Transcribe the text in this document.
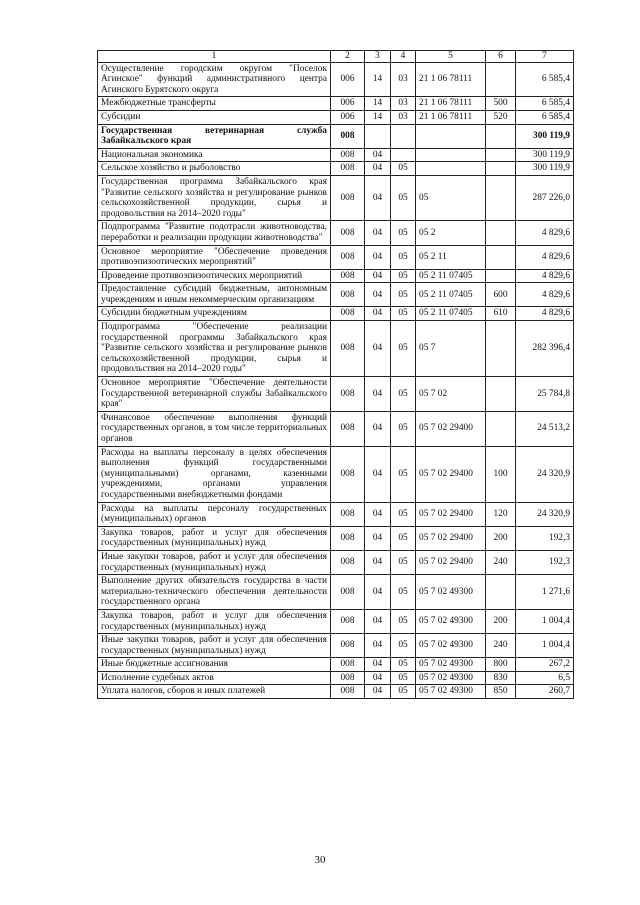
1	2	3	4	5	6	7
Осуществление городским округом "Поселок Агинское" функций административного центра Агинского Бурятского округа	006	14	03	21 1 06 78111		6 585,4
Межбюджетные трансферты	006	14	03	21 1 06 78111	500	6 585,4
Субсидии	006	14	03	21 1 06 78111	520	6 585,4
Государственная ветеринарная служба Забайкальского края	008					300 119,9
Национальная экономика	008	04				300 119,9
Сельское хозяйство и рыболовство	008	04	05			300 119,9
Государственная программа Забайкальского края "Развитие сельского хозяйства и регулирование рынков сельскохозяйственной продукции, сырья и продовольствия на 2014–2020 годы"	008	04	05	05		287 226,0
Подпрограмма "Развитие подотрасли животноводства, переработки и реализации продукции животноводства"	008	04	05	05 2		4 829,6
Основное мероприятие "Обеспечение проведения противоэпизоотических мероприятий"	008	04	05	05 2 11		4 829,6
Проведение противоэпизоотических мероприятий	008	04	05	05 2 11 07405		4 829,6
Предоставление субсидий бюджетным, автономным учреждениям и иным некоммерческим организациям	008	04	05	05 2 11 07405	600	4 829,6
Субсидии бюджетным учреждениям	008	04	05	05 2 11 07405	610	4 829,6
Подпрограмма "Обеспечение реализации государственной программы Забайкальского края "Развитие сельского хозяйства и регулирование рынков сельскохозяйственной продукции, сырья и продовольствия на 2014–2020 годы"	008	04	05	05 7		282 396,4
Основное мероприятие "Обеспечение деятельности Государственной ветеринарной службы Забайкальского края"	008	04	05	05 7 02		25 784,8
Финансовое обеспечение выполнения функций государственных органов, в том числе территориальных органов	008	04	05	05 7 02 29400		24 513,2
Расходы на выплаты персоналу в целях обеспечения выполнения функций государственными (муниципальными) органами, казенными учреждениями, органами управления государственными внебюджетными фондами	008	04	05	05 7 02 29400	100	24 320,9
Расходы на выплаты персоналу государственных (муниципальных) органов	008	04	05	05 7 02 29400	120	24 320,9
Закупка товаров, работ и услуг для обеспечения государственных (муниципальных) нужд	008	04	05	05 7 02 29400	200	192,3
Иные закупки товаров, работ и услуг для обеспечения государственных (муниципальных) нужд	008	04	05	05 7 02 29400	240	192,3
Выполнение других обязательств государства в части материально-технического обеспечения деятельности государственного органа	008	04	05	05 7 02 49300		1 271,6
Закупка товаров, работ и услуг для обеспечения государственных (муниципальных) нужд	008	04	05	05 7 02 49300	200	1 004,4
Иные закупки товаров, работ и услуг для обеспечения государственных (муниципальных) нужд	008	04	05	05 7 02 49300	240	1 004,4
Иные бюджетные ассигнования	008	04	05	05 7 02 49300	800	267,2
Исполнение судебных актов	008	04	05	05 7 02 49300	830	6,5
Уплата налогов, сборов и иных платежей	008	04	05	05 7 02 49300	850	260,7
30
